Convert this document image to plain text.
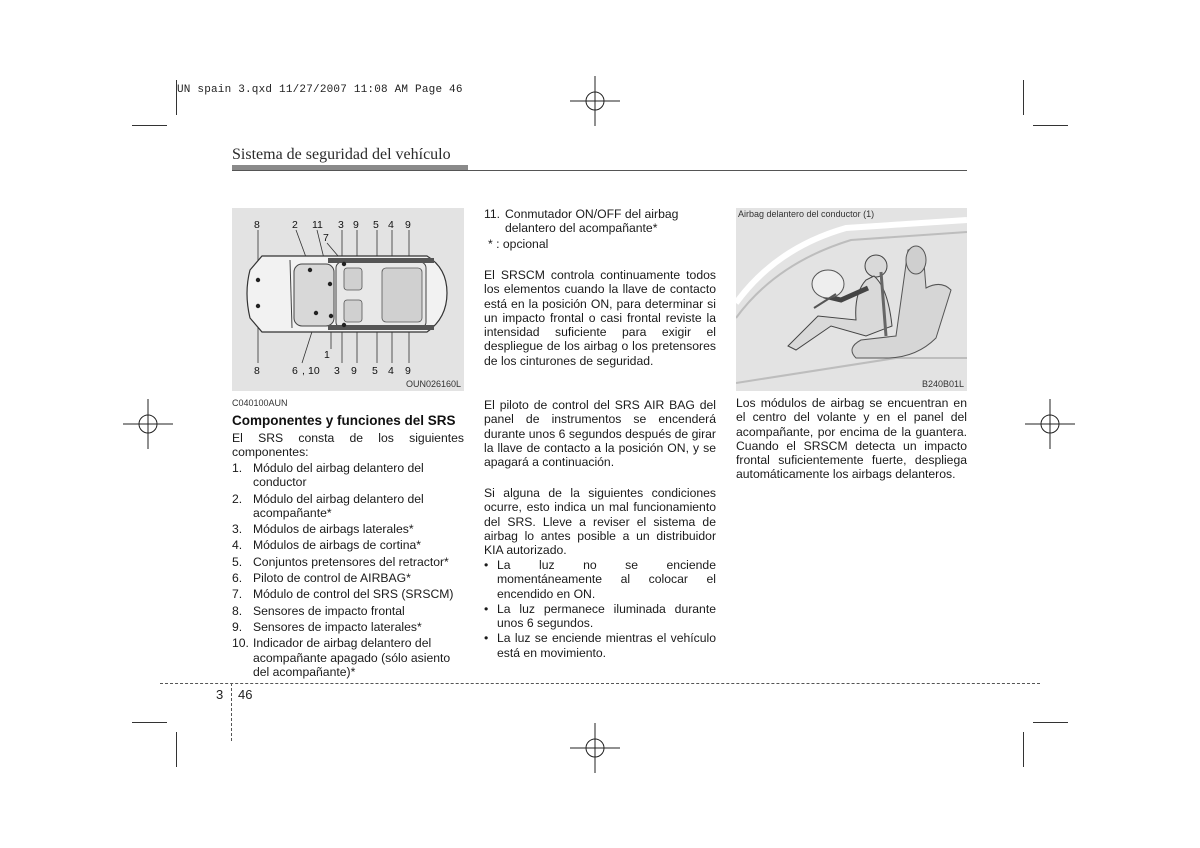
UN spain 3.qxd 11/27/2007 11:08 AM Page 46
Sistema de seguridad del vehículo
8	2 11 3 9 5 4 9
7
1
8	6 , 10 3 9 5 4 9
OUN026160L
C040100AUN
Componentes y funciones del SRS
El SRS consta de los siguientes componentes:
1. Módulo del airbag delantero del conductor
2. Módulo del airbag delantero del acompañante*
3. Módulos de airbags laterales*
4. Módulos de airbags de cortina*
5. Conjuntos pretensores del retractor*
6. Piloto de control de AIRBAG*
7. Módulo de control del SRS (SRSCM)
8. Sensores de impacto frontal
9. Sensores de impacto laterales*
10. Indicador de airbag delantero del acompañante apagado (sólo asiento del acompañante)*
11. Conmutador ON/OFF del airbag delantero del acompañante*
* : opcional
El SRSCM controla continuamente todos los elementos cuando la llave de contacto está en la posición ON, para determinar si un impacto frontal o casi frontal reviste la intensidad suficiente para exigir el despliegue de los airbag o los pretensores de los cinturones de seguridad.
El piloto de control del SRS AIR BAG del panel de instrumentos se encenderá durante unos 6 segundos después de girar la llave de contacto a la posición ON, y se apagará a continuación.
Si alguna de la siguientes condiciones ocurre, esto indica un mal funcionamiento del SRS. Lleve a reviser el sistema de airbag lo antes posible a un distribuidor KIA autorizado.
• La luz no se enciende momentáneamente al colocar el encendido en ON.
• La luz permanece iluminada durante unos 6 segundos.
• La luz se enciende mientras el vehículo está en movimiento.
Airbag delantero del conductor (1)
B240B01L
Los módulos de airbag se encuentran en el centro del volante y en el panel del acompañante, por encima de la guantera. Cuando el SRSCM detecta un impacto frontal suficientemente fuerte, despliega automáticamente los airbags delanteros.
3 46
